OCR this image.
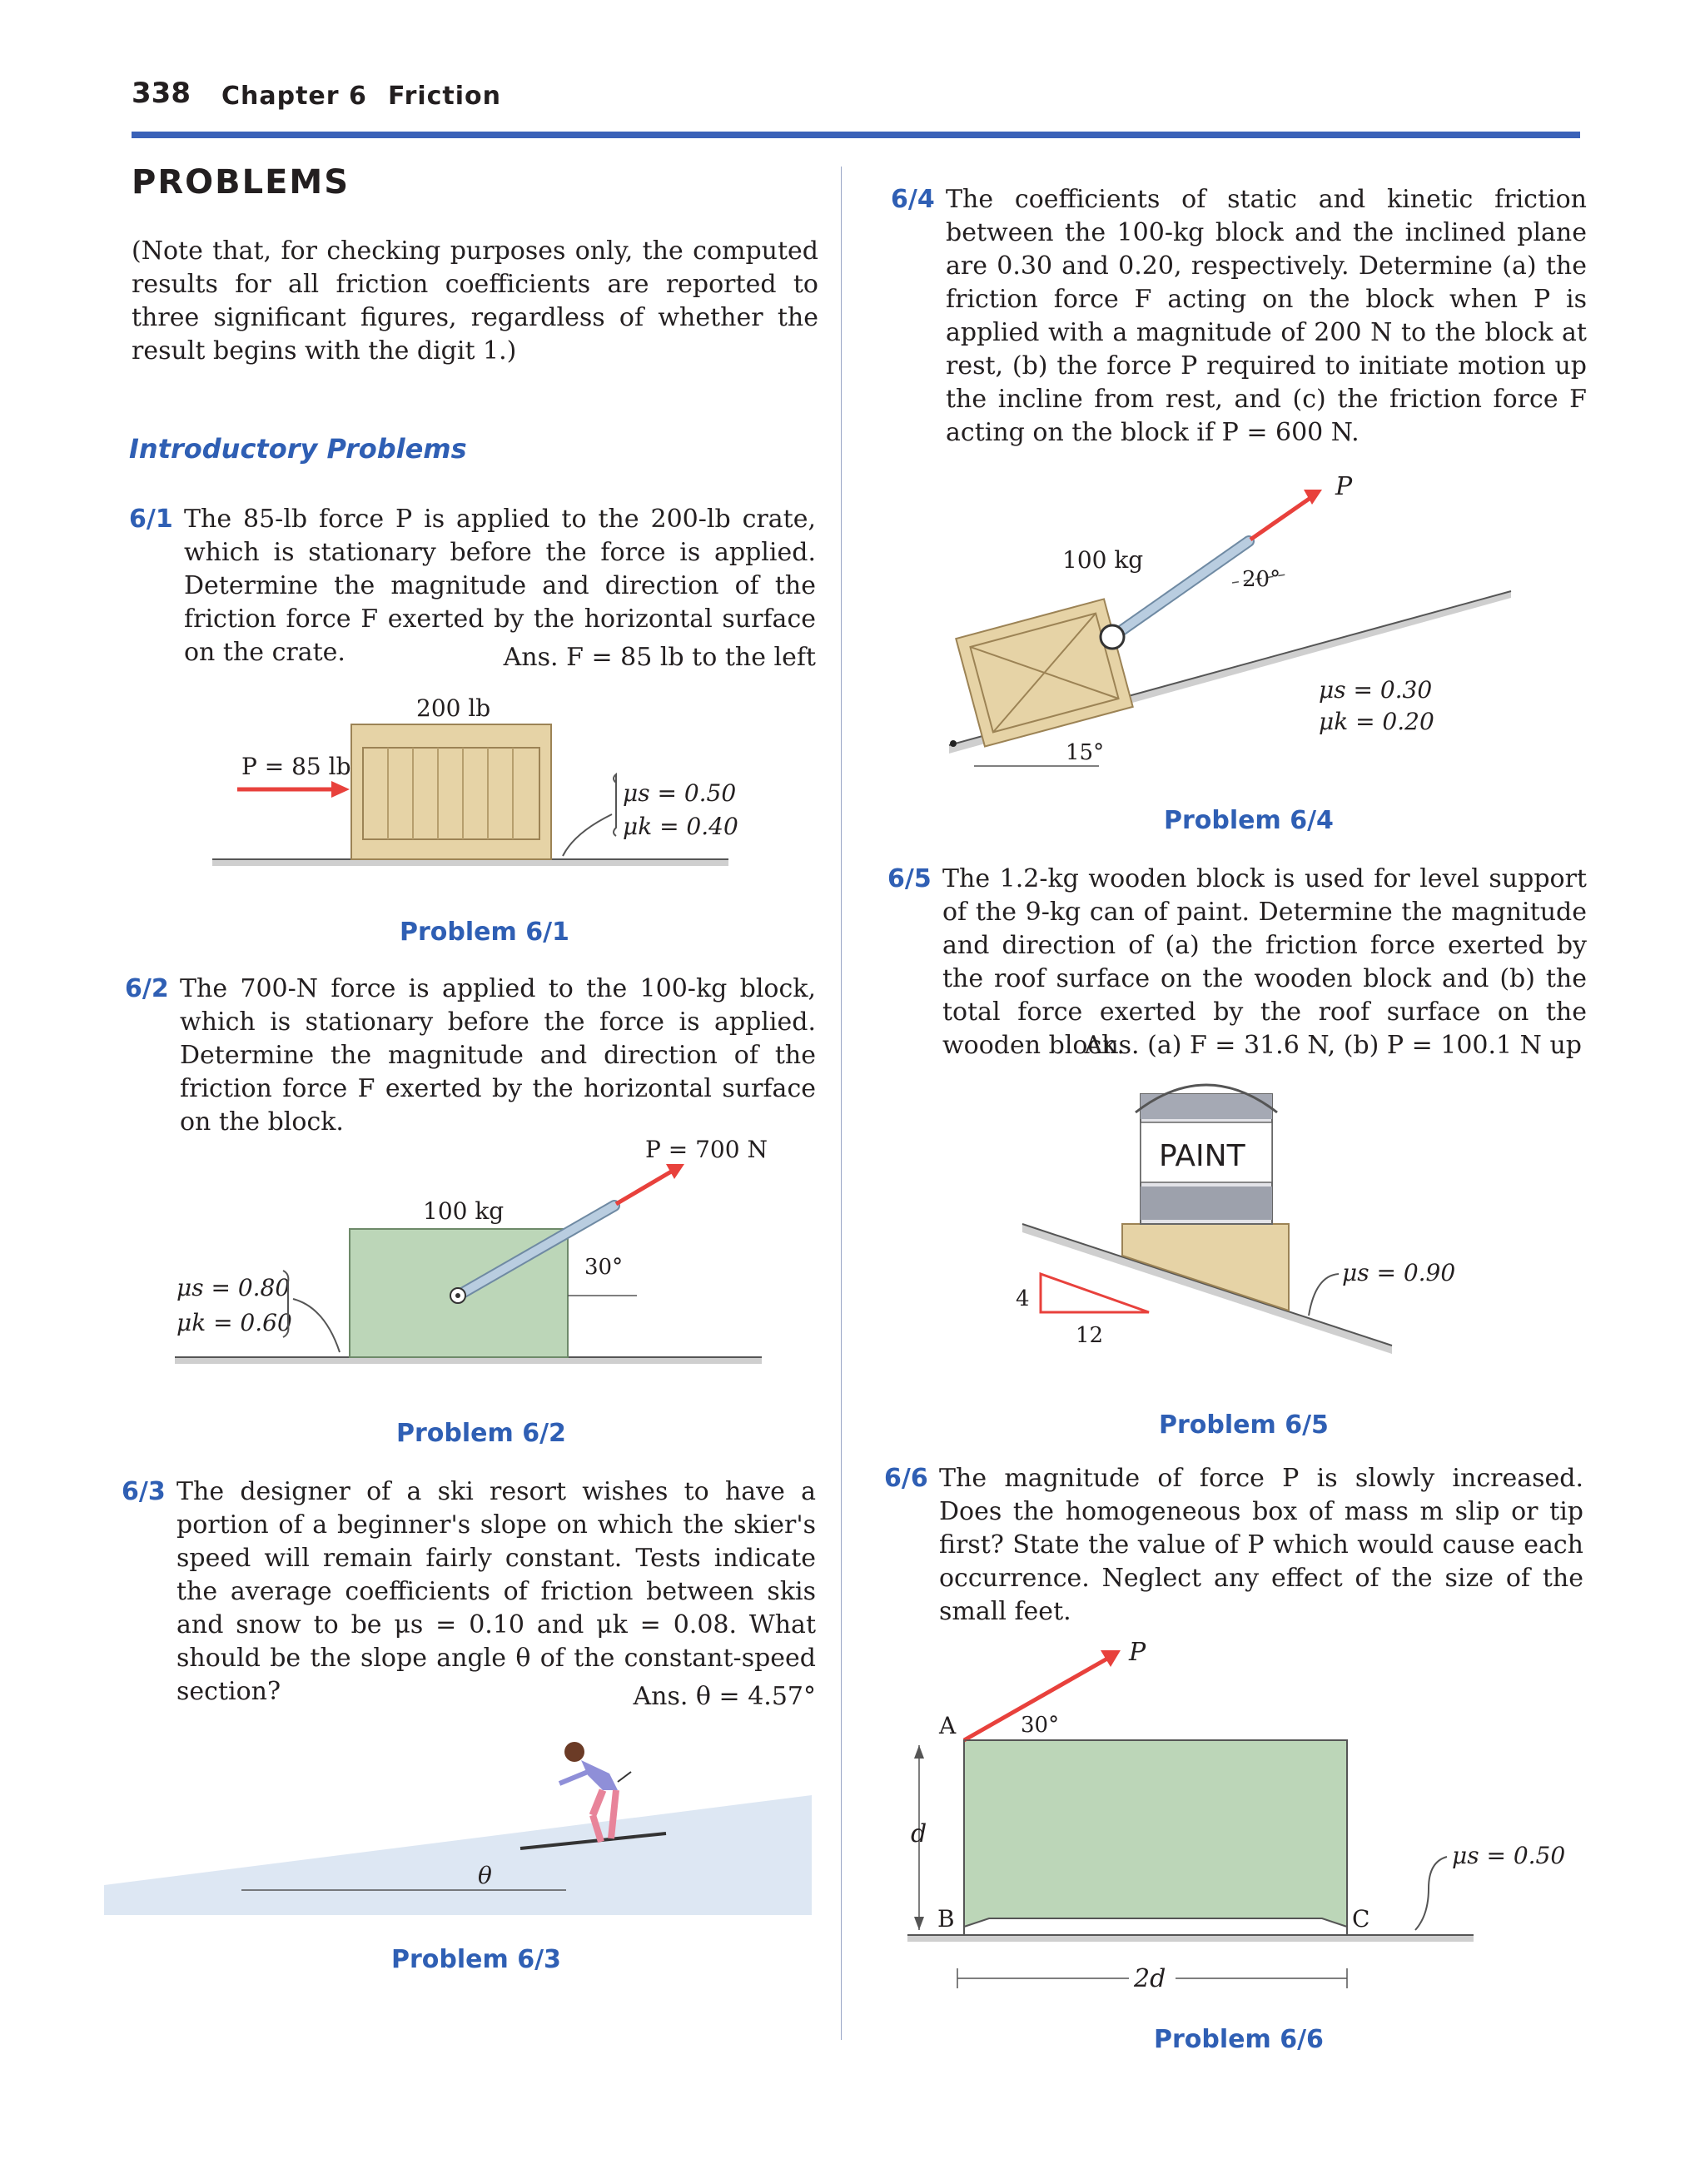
338 Chapter 6 Friction
PROBLEMS
(Note that, for checking purposes only, the computed results for all friction coefficients are reported to three significant figures, regardless of whether the result begins with the digit 1.)
Introductory Problems
6/1 The 85-lb force P is applied to the 200-lb crate, which is stationary before the force is applied. Determine the magnitude and direction of the friction force F exerted by the horizontal surface on the crate.	Ans. F = 85 lb to the left
200 lb
P = 85 lb
μs = 0.50
μk = 0.40
Problem 6/1
6/2 The 700-N force is applied to the 100-kg block, which is stationary before the force is applied. Determine the magnitude and direction of the friction force F exerted by the horizontal surface on the block.
P = 700 N
100 kg
30°
μs = 0.80
μk = 0.60
Problem 6/2
6/3 The designer of a ski resort wishes to have a portion of a beginner's slope on which the skier's speed will remain fairly constant. Tests indicate the average coefficients of friction between skis and snow to be μs = 0.10 and μk = 0.08. What should be the slope angle θ of the constant-speed section?	Ans. θ = 4.57°
θ
Problem 6/3
6/4 The coefficients of static and kinetic friction between the 100-kg block and the inclined plane are 0.30 and 0.20, respectively. Determine (a) the friction force F acting on the block when P is applied with a magnitude of 200 N to the block at rest, (b) the force P required to initiate motion up the incline from rest, and (c) the friction force F acting on the block if P = 600 N.
P
100 kg
20°
15°
μs = 0.30
μk = 0.20
Problem 6/4
6/5 The 1.2-kg wooden block is used for level support of the 9-kg can of paint. Determine the magnitude and direction of (a) the friction force exerted by the roof surface on the wooden block and (b) the total force exerted by the roof surface on the wooden block.
Ans. (a) F = 31.6 N, (b) P = 100.1 N up
PAINT
4
12
μs = 0.90
Problem 6/5
6/6 The magnitude of force P is slowly increased. Does the homogeneous box of mass m slip or tip first? State the value of P which would cause each occurrence. Neglect any effect of the size of the small feet.
P
30°
A
B	C
d
2d
μs = 0.50
Problem 6/6
